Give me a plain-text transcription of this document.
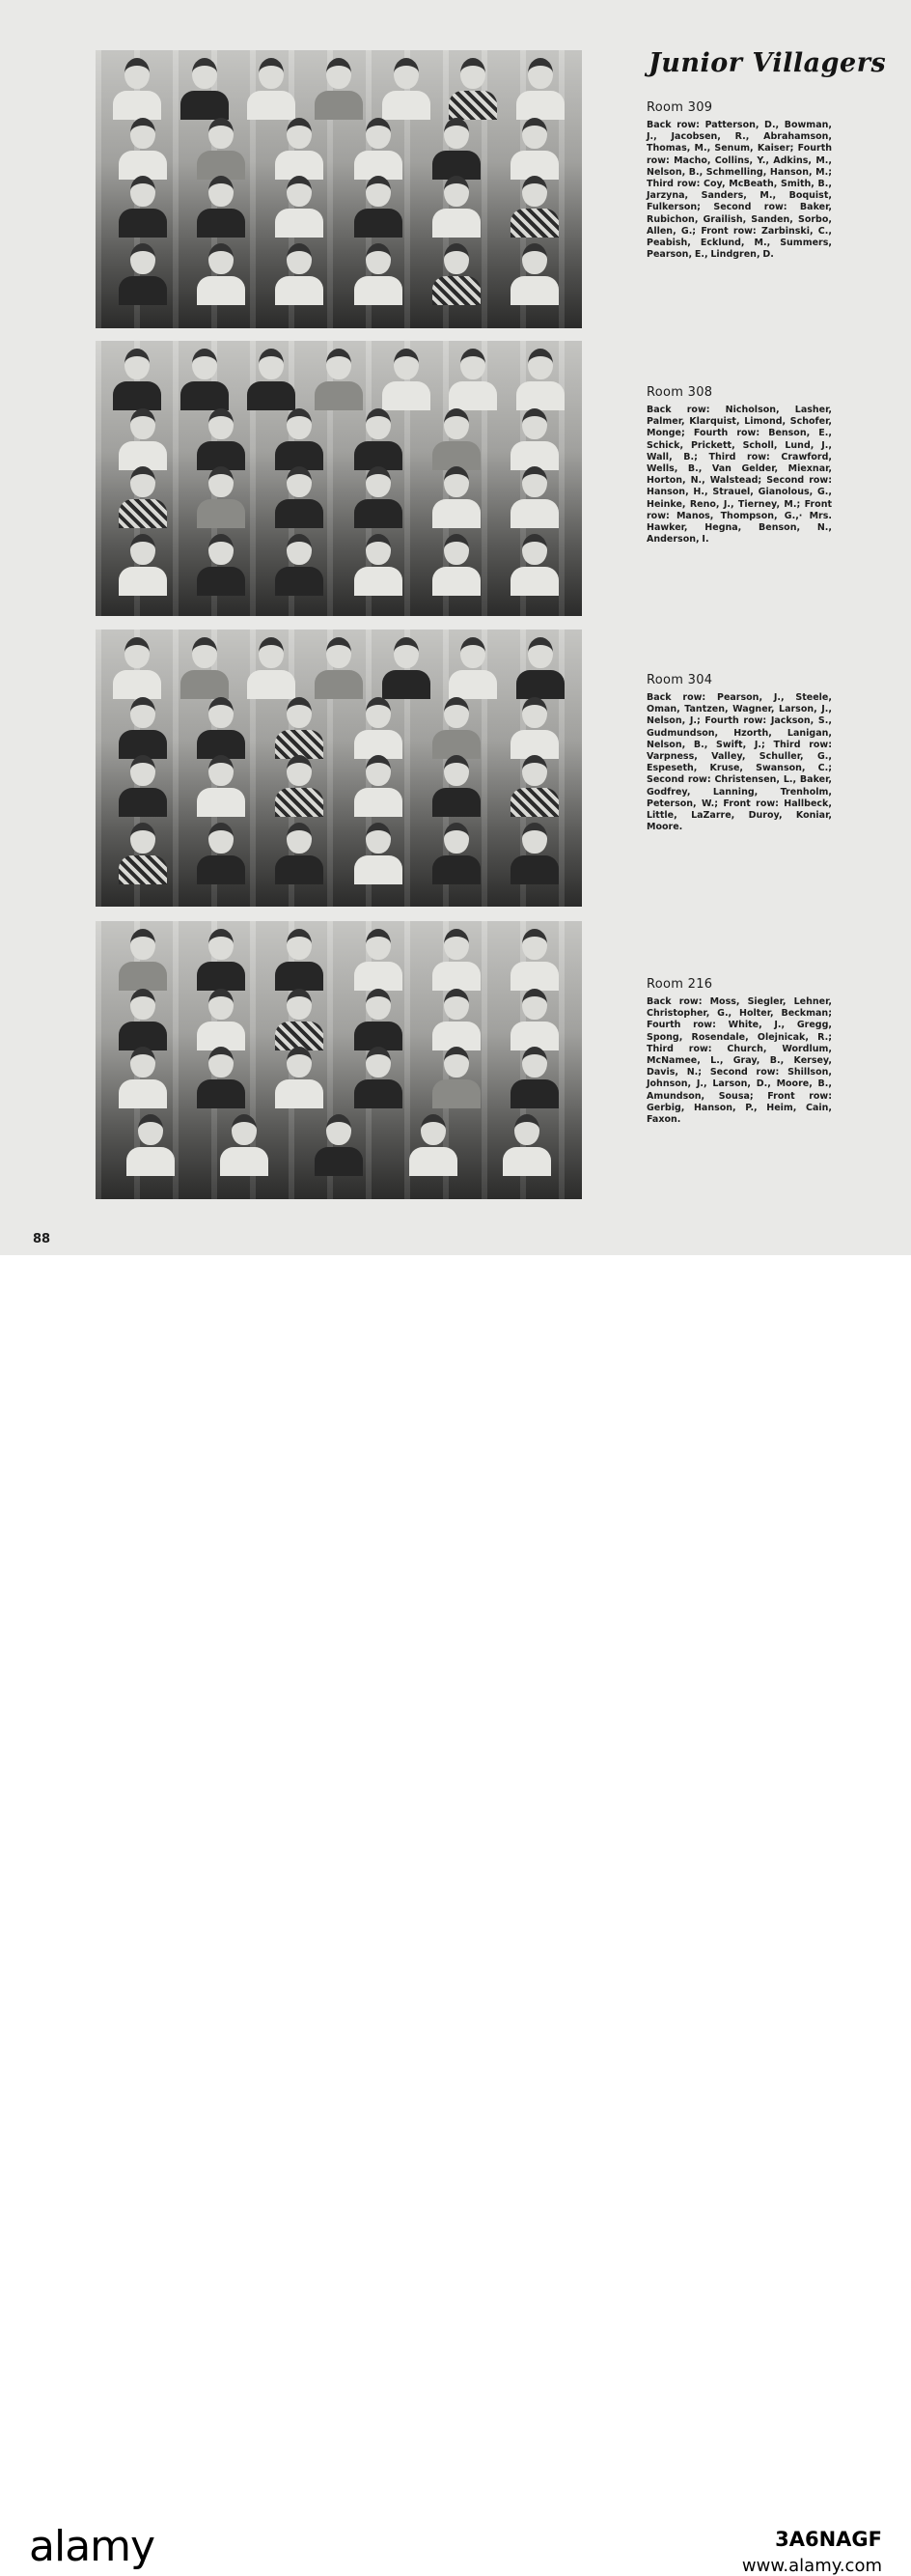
Junior Villagers

Room 309

Back row: Patterson, D., Bowman, J., Jacobsen, R., Abrahamson, Thomas, M., Senum, Kaiser; Fourth row: Macho, Collins, Y., Adkins, M., Nelson, B., Schmelling, Hanson, M.; Third row: Coy, McBeath, Smith, B., Jarzyna, Sanders, M., Boquist, Fulkerson; Second row: Baker, Rubichon, Grailish, Sanden, Sorbo, Allen, G.; Front row: Zarbinski, C., Peabish, Ecklund, M., Summers, Pearson, E., Lindgren, D.

Room 308

Back row: Nicholson, Lasher, Palmer, Klarquist, Limond, Schofer, Monge; Fourth row: Benson, E., Schick, Prickett, Scholl, Lund, J., Wall, B.; Third row: Crawford, Wells, B., Van Gelder, Miexnar, Horton, N., Walstead; Second row: Hanson, H., Strauel, Gianolous, G., Heinke, Reno, J., Tierney, M.; Front row: Manos, Thompson, G.,· Mrs. Hawker, Hegna, Benson, N., Anderson, I.

Room 304

Back row: Pearson, J., Steele, Oman, Tantzen, Wagner, Larson, J., Nelson, J.; Fourth row: Jackson, S., Gudmundson, Hzorth, Lanigan, Nelson, B., Swift, J.; Third row: Varpness, Valley, Schuller, G., Espeseth, Kruse, Swanson, C.; Second row: Christensen, L., Baker, Godfrey, Lanning, Trenholm, Peterson, W.; Front row: Hallbeck, Little, LaZarre, Duroy, Koniar, Moore.

Room 216

Back row: Moss, Siegler, Lehner, Christopher, G., Holter, Beckman; Fourth row: White, J., Gregg, Spong, Rosendale, Olejnicak, R.; Third row: Church, Wordlum, McNamee, L., Gray, B., Kersey, Davis, N.; Second row: Shillson, Johnson, J., Larson, D., Moore, B., Amundson, Sousa; Front row: Gerbig, Hanson, P., Heim, Cain, Faxon.

88
alamy	3A6NAGF
www.alamy.com
